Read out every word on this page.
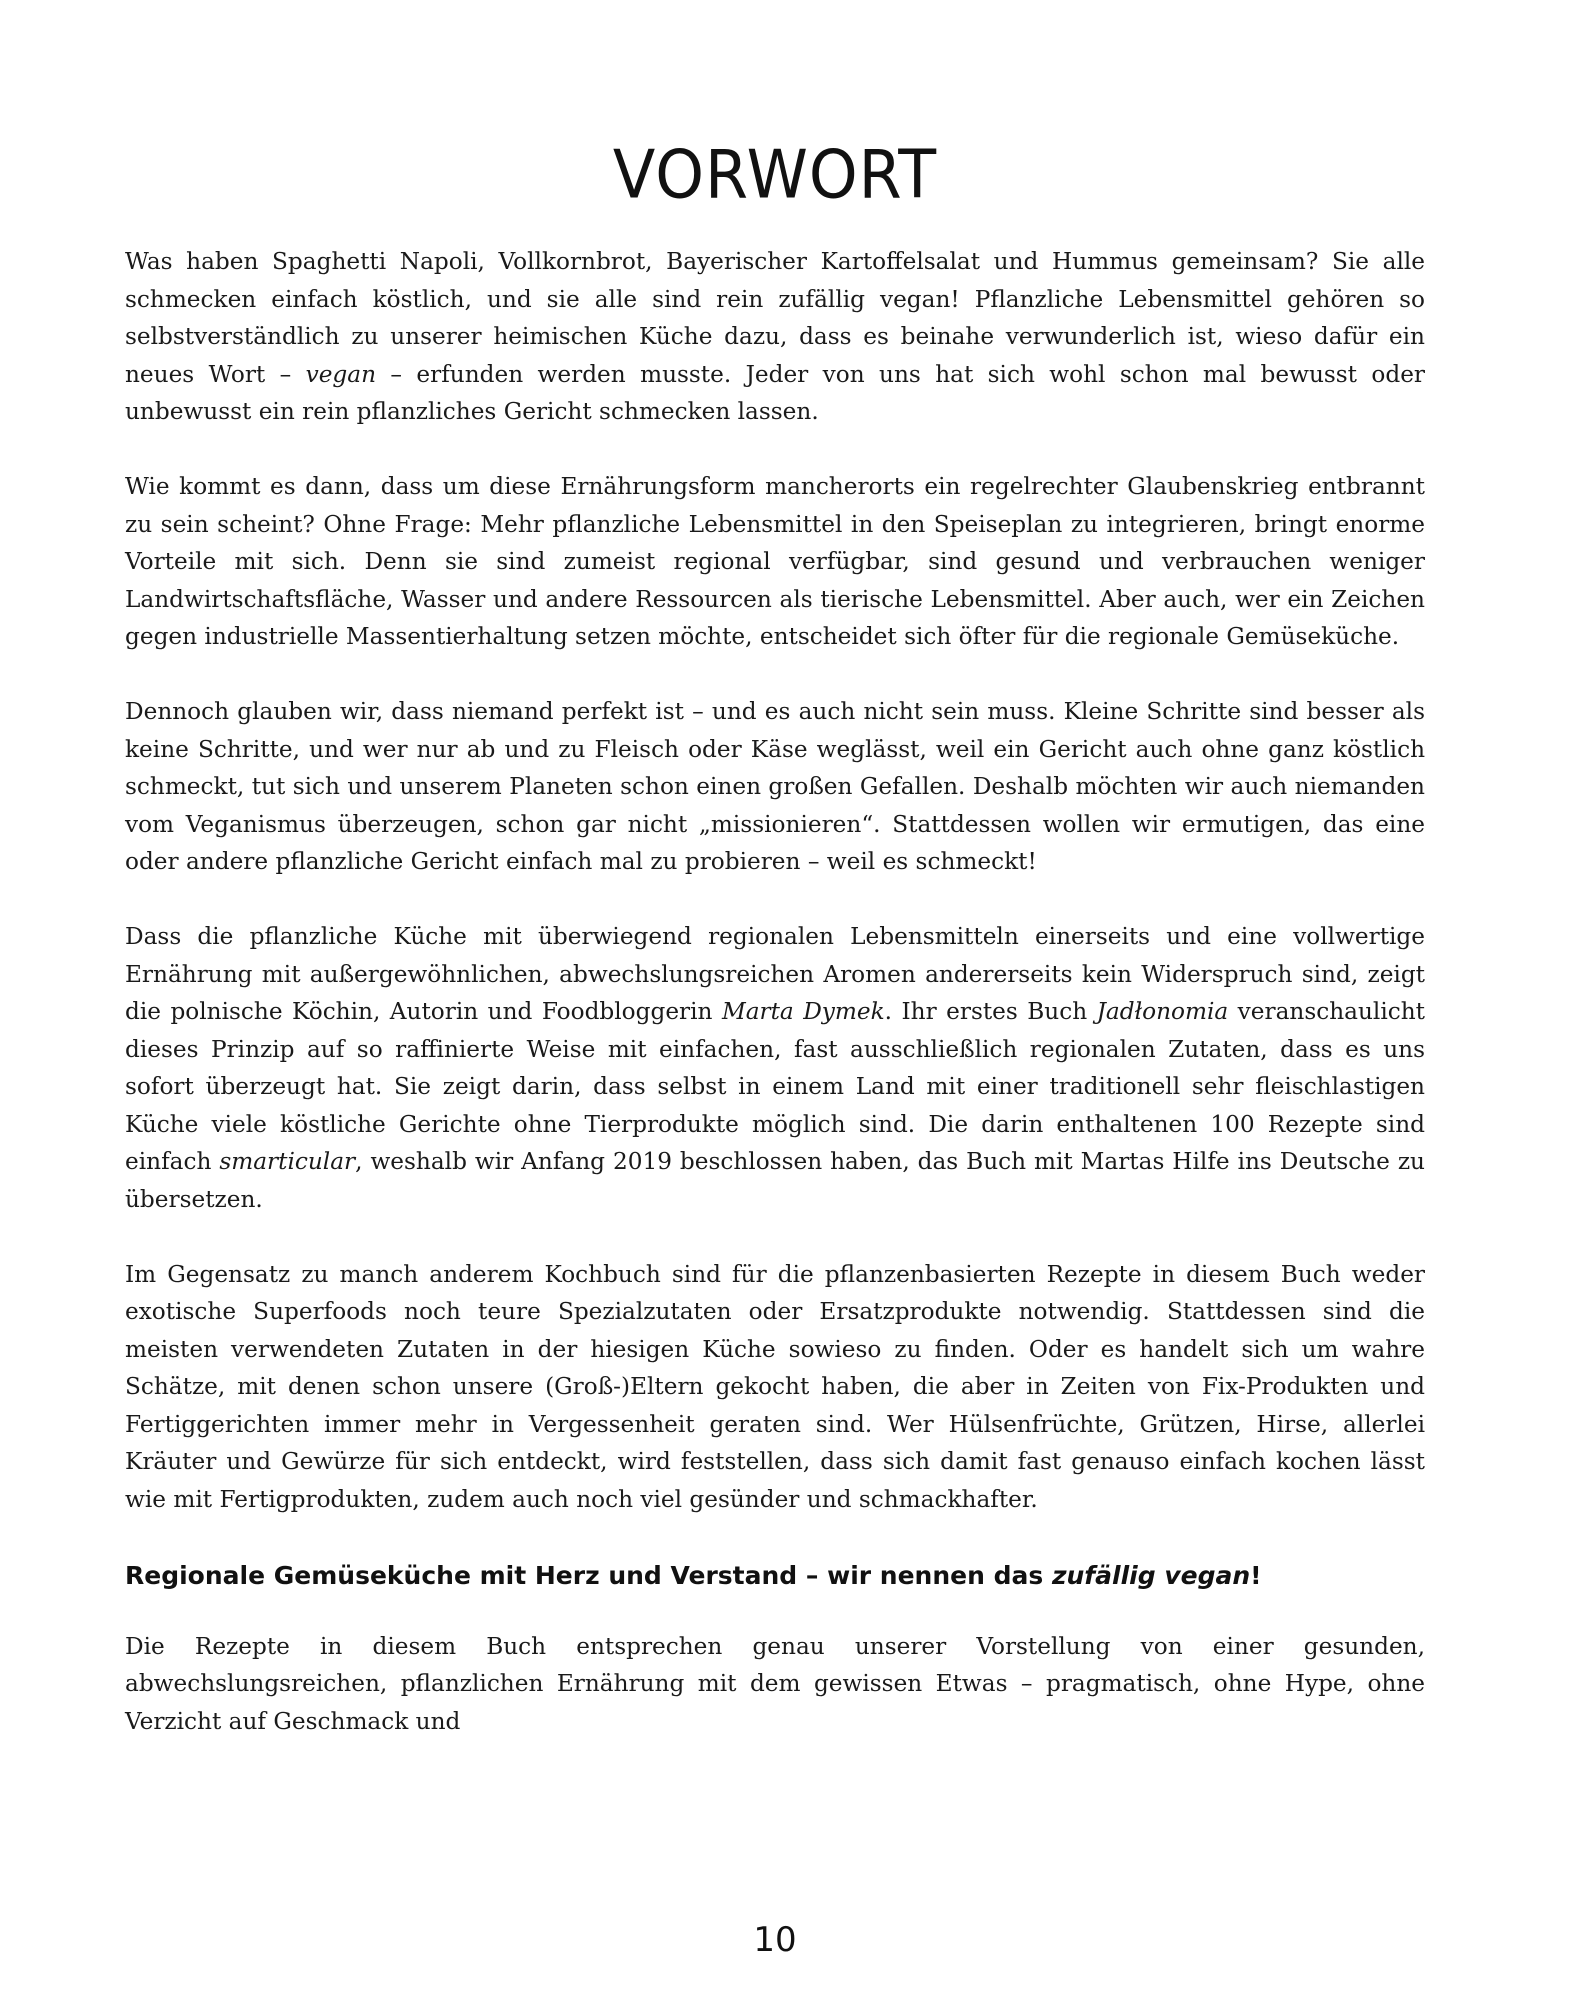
VORWORT

Was haben Spaghetti Napoli, Vollkornbrot, Bayerischer Kartoffelsalat und Hummus gemeinsam? Sie alle schmecken einfach köstlich, und sie alle sind rein zufällig vegan! Pflanzliche Lebensmittel gehören so selbstverständlich zu unserer heimischen Küche dazu, dass es beinahe verwunderlich ist, wieso dafür ein neues Wort – vegan – erfunden werden musste. Jeder von uns hat sich wohl schon mal bewusst oder unbewusst ein rein pflanzliches Gericht schmecken lassen.

Wie kommt es dann, dass um diese Ernährungsform mancherorts ein regelrechter Glaubenskrieg entbrannt zu sein scheint? Ohne Frage: Mehr pflanzliche Lebensmittel in den Speiseplan zu integrieren, bringt enorme Vorteile mit sich. Denn sie sind zumeist regional verfügbar, sind gesund und verbrauchen weniger Landwirtschaftsfläche, Wasser und andere Ressourcen als tierische Lebensmittel. Aber auch, wer ein Zeichen gegen industrielle Massentierhaltung setzen möchte, entscheidet sich öfter für die regionale Gemüseküche.

Dennoch glauben wir, dass niemand perfekt ist – und es auch nicht sein muss. Kleine Schritte sind besser als keine Schritte, und wer nur ab und zu Fleisch oder Käse weglässt, weil ein Gericht auch ohne ganz köstlich schmeckt, tut sich und unserem Planeten schon einen großen Gefallen. Deshalb möchten wir auch niemanden vom Veganismus überzeugen, schon gar nicht „missionieren“. Stattdessen wollen wir ermutigen, das eine oder andere pflanzliche Gericht einfach mal zu probieren – weil es schmeckt!

Dass die pflanzliche Küche mit überwiegend regionalen Lebensmitteln einerseits und eine vollwertige Ernährung mit außergewöhnlichen, abwechslungsreichen Aromen andererseits kein Widerspruch sind, zeigt die polnische Köchin, Autorin und Foodbloggerin Marta Dymek. Ihr erstes Buch Jadłonomia veranschaulicht dieses Prinzip auf so raffinierte Weise mit einfachen, fast ausschließlich regionalen Zutaten, dass es uns sofort überzeugt hat. Sie zeigt darin, dass selbst in einem Land mit einer traditionell sehr fleischlastigen Küche viele köstliche Gerichte ohne Tierprodukte möglich sind. Die darin enthaltenen 100 Rezepte sind einfach smarticular, weshalb wir Anfang 2019 beschlossen haben, das Buch mit Martas Hilfe ins Deutsche zu übersetzen.

Im Gegensatz zu manch anderem Kochbuch sind für die pflanzenbasierten Rezepte in diesem Buch weder exotische Superfoods noch teure Spezialzutaten oder Ersatzprodukte notwendig. Stattdessen sind die meisten verwendeten Zutaten in der hiesigen Küche sowieso zu finden. Oder es handelt sich um wahre Schätze, mit denen schon unsere (Groß-)Eltern gekocht haben, die aber in Zeiten von Fix-Produkten und Fertiggerichten immer mehr in Vergessenheit geraten sind. Wer Hülsenfrüchte, Grützen, Hirse, allerlei Kräuter und Gewürze für sich entdeckt, wird feststellen, dass sich damit fast genauso einfach kochen lässt wie mit Fertigprodukten, zudem auch noch viel gesünder und schmackhafter.

Regionale Gemüseküche mit Herz und Verstand – wir nennen das zufällig vegan!

Die Rezepte in diesem Buch entsprechen genau unserer Vorstellung von einer gesunden, abwechslungsreichen, pflanzlichen Ernährung mit dem gewissen Etwas – pragmatisch, ohne Hype, ohne Verzicht auf Geschmack und

10
